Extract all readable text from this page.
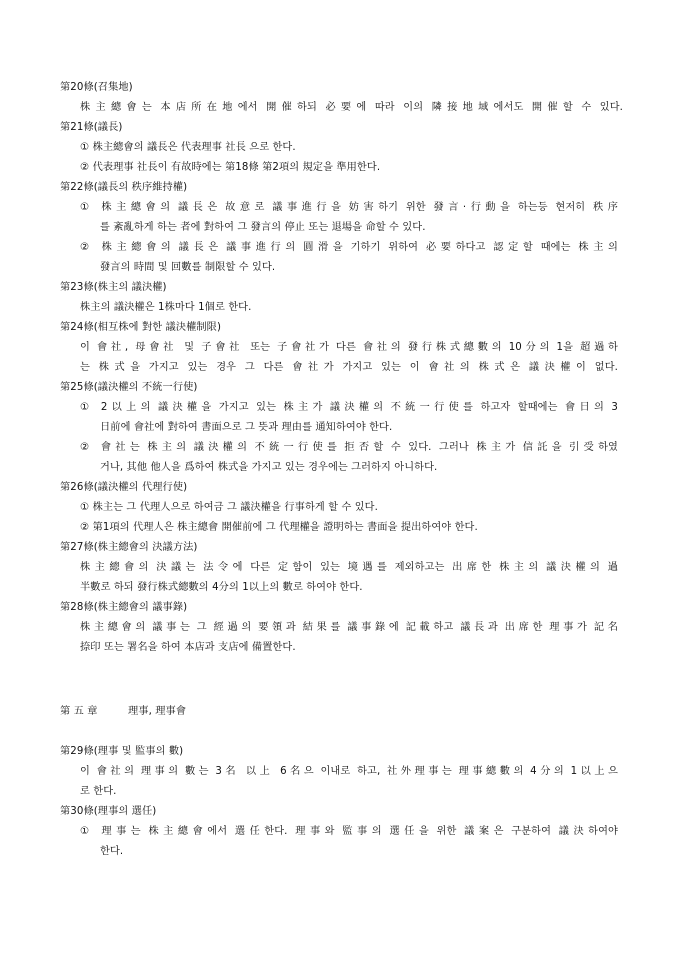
第20條(召集地)
株主總會는 本店所在地에서 開催하되 必要에 따라 이의 隣接地域에서도 開催할 수 있다.
第21條(議長)
① 株主總會의 議長은 代表理事 社長 으로 한다.
② 代表理事 社長이 有故時에는 第18條 第2項의 規定을 準用한다.
第22條(議長의 秩序維持權)
① 株主總會의 議長은 故意로 議事進行을 妨害하기 위한 發言·行動을 하는등 현저히 秩序
를 紊亂하게 하는 者에 對하여 그 發言의 停止 또는 退場을 命할 수 있다.
② 株主總會의 議長은 議事進行의 圓滑을 기하기 위하여 必要하다고 認定할 때에는 株主의
發言의 時間 및 回數를 制限할 수 있다.
第23條(株主의 議決權)
株主의 議決權은 1株마다 1個로 한다.
第24條(相互株에 對한 議決權制限)
이 會社, 母會社 및 子會社 또는 子會社가 다른 會社의 發行株式總數의 10分의 1을 超過하
는 株式을 가지고 있는 경우 그 다른 會社가 가지고 있는 이 會社의 株式은 議決權이 없다.
第25條(議決權의 不統一行使)
① 2以上의 議決權을 가지고 있는 株主가 議決權의 不統一行使를 하고자 할때에는 會日의 3
日前에 會社에 對하여 書面으로 그 뜻과 理由를 通知하여야 한다.
② 會社는 株主의 議決權의 不統一行使를 拒否할 수 있다. 그러나 株主가 信託을 引受하였
거나, 其他 他人을 爲하여 株式을 가지고 있는 경우에는 그러하지 아니하다.
第26條(議決權의 代理行使)
① 株主는 그 代理人으로 하여금 그 議決權을 行事하게 할 수 있다.
② 第1項의 代理人은 株主總會 開催前에 그 代理權을 證明하는 書面을 提出하여야 한다.
第27條(株主總會의 決議方法)
株主總會의 決議는 法令에 다른 定함이 있는 境遇를 제외하고는 出席한 株主의 議決權의 過
半數로 하되 發行株式總數의 4分의 1以上의 數로 하여야 한다.
第28條(株主總會의 議事錄)
株主總會의 議事는 그 經過의 要領과 結果를 議事錄에 記載하고 議長과 出席한 理事가 記名
捺印 또는 署名을 하여 本店과 支店에 備置한다.
第 五 章	理事, 理事會
第29條(理事 및 監事의 數)
이 會社의 理事의 數는 3名 以上 6名으 이내로 하고, 社外理事는 理事總數의 4分의 1以上으
로 한다.
第30條(理事의 選任)
① 理事는 株主總會에서 選任한다. 理事와 監事의 選任을 위한 議案은 구분하여 議決하여야
한다.
